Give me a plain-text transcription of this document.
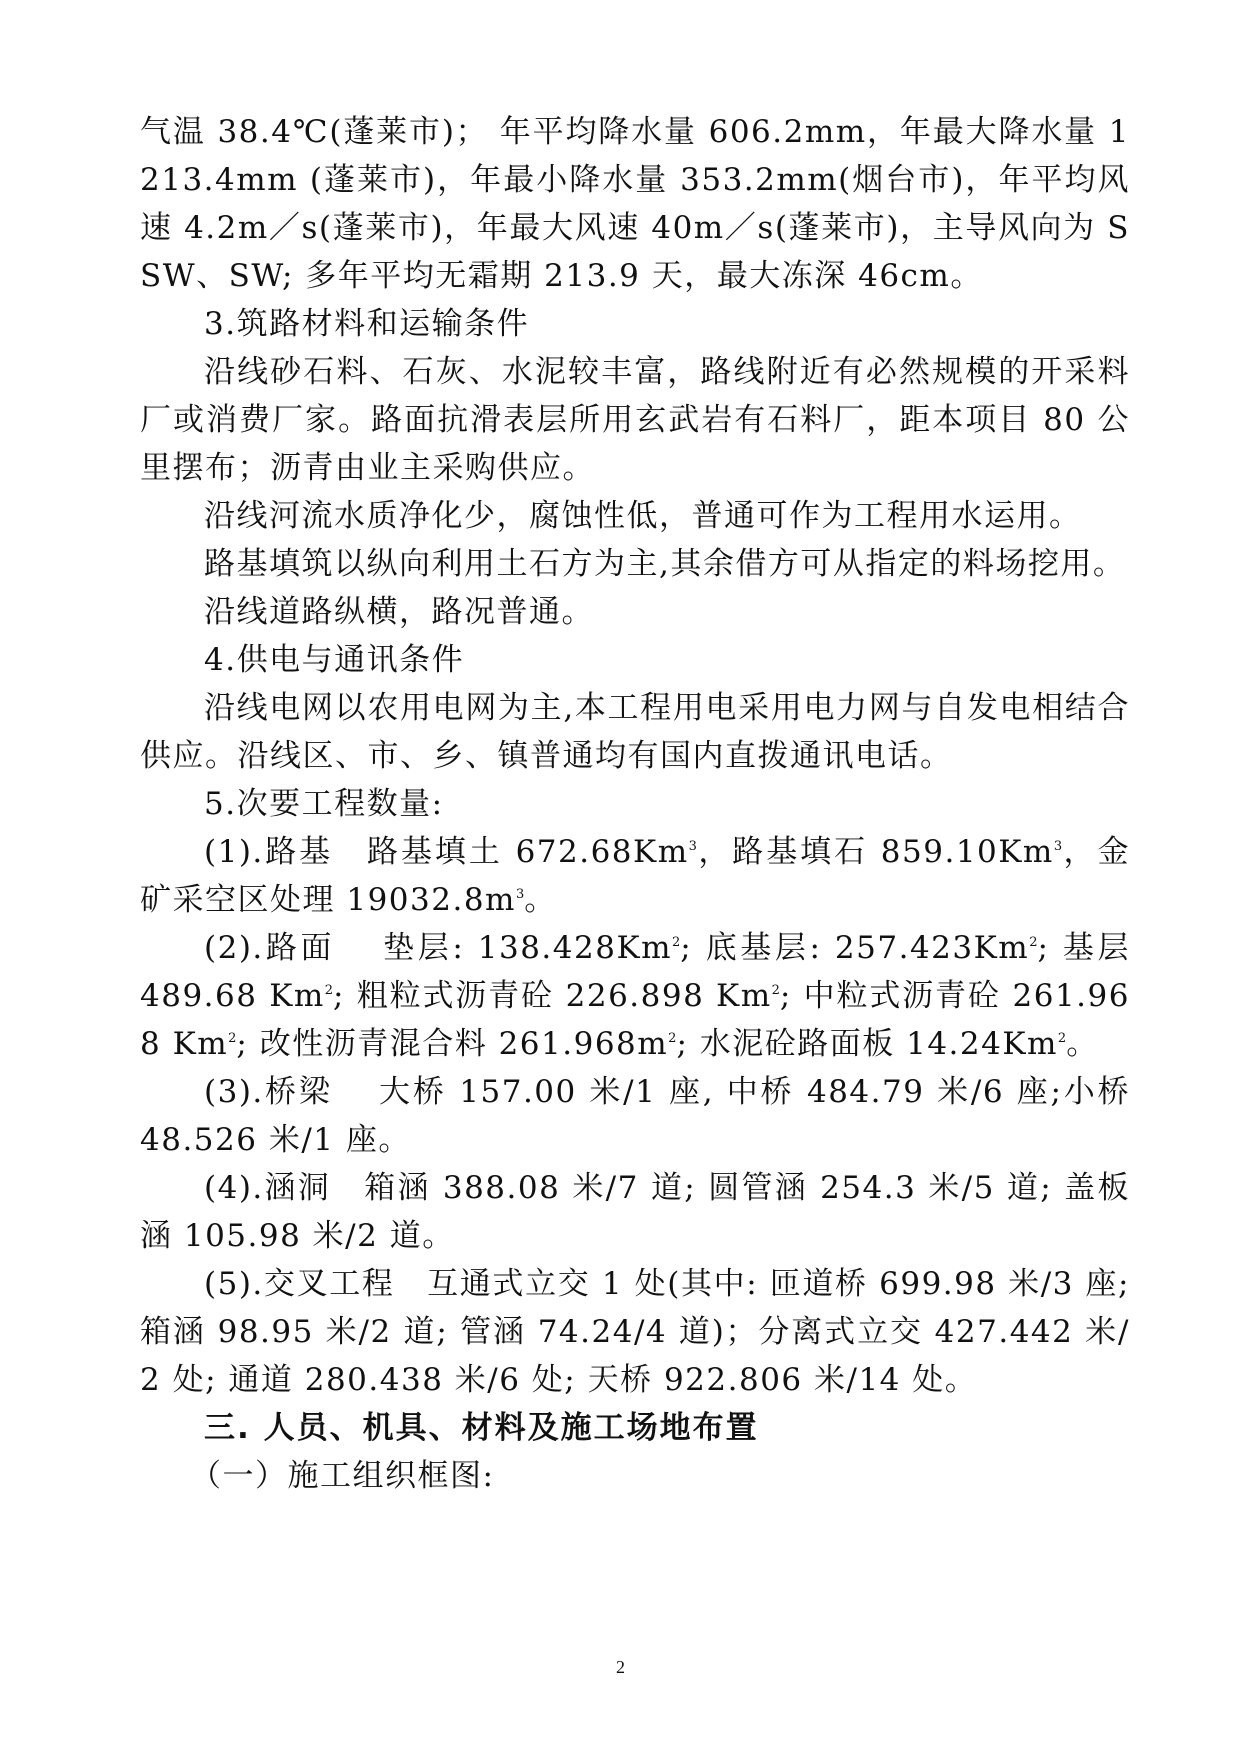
气温 38.4℃(蓬莱市)； 年平均降水量 606.2mm，年最大降水量 1213.4mm (蓬莱市)，年最小降水量 353.2mm(烟台市)，年平均风速 4.2m／s(蓬莱市)，年最大风速 40m／s(蓬莱市)，主导风向为 SSW、SW; 多年平均无霜期 213.9 天，最大冻深 46cm。

3.筑路材料和运输条件

沿线砂石料、石灰、水泥较丰富，路线附近有必然规模的开采料厂或消费厂家。路面抗滑表层所用玄武岩有石料厂，距本项目 80 公里摆布；沥青由业主采购供应。

沿线河流水质净化少，腐蚀性低，普通可作为工程用水运用。

路基填筑以纵向利用土石方为主,其余借方可从指定的料场挖用。

沿线道路纵横，路况普通。

4.供电与通讯条件

沿线电网以农用电网为主,本工程用电采用电力网与自发电相结合供应。沿线区、市、乡、镇普通均有国内直拨通讯电话。

5.次要工程数量:

(1).路基　路基填土 672.68Km$^3$，路基填石 859.10Km$^3$，金矿采空区处理 $19032.8m^3$。

(2).路面　 垫层: 138.428Km$^2$; 底基层: 257.423Km$^2$; 基层 489.68 Km$^2$; 粗粒式沥青砼 226.898 Km$^2$; 中粒式沥青砼 261.968 Km$^2$; 改性沥青混合料 $261.968m^2$; 水泥砼路面板 14.24Km$^2$。

(3).桥梁　 大桥 157.00 米/1 座, 中桥 484.79 米/6 座;小桥 48.526 米/1 座。

(4).涵洞　箱涵 388.08 米/7 道; 圆管涵 254.3 米/5 道; 盖板涵 105.98 米/2 道。

(5).交叉工程　互通式立交 1 处(其中: 匝道桥 699.98 米/3 座; 箱涵 98.95 米/2 道; 管涵 74.24/4 道)；分离式立交 427.442 米/2 处; 通道 280.438 米/6 处; 天桥 922.806 米/14 处。

三. 人员、机具、材料及施工场地布置

（一）施工组织框图:

2
